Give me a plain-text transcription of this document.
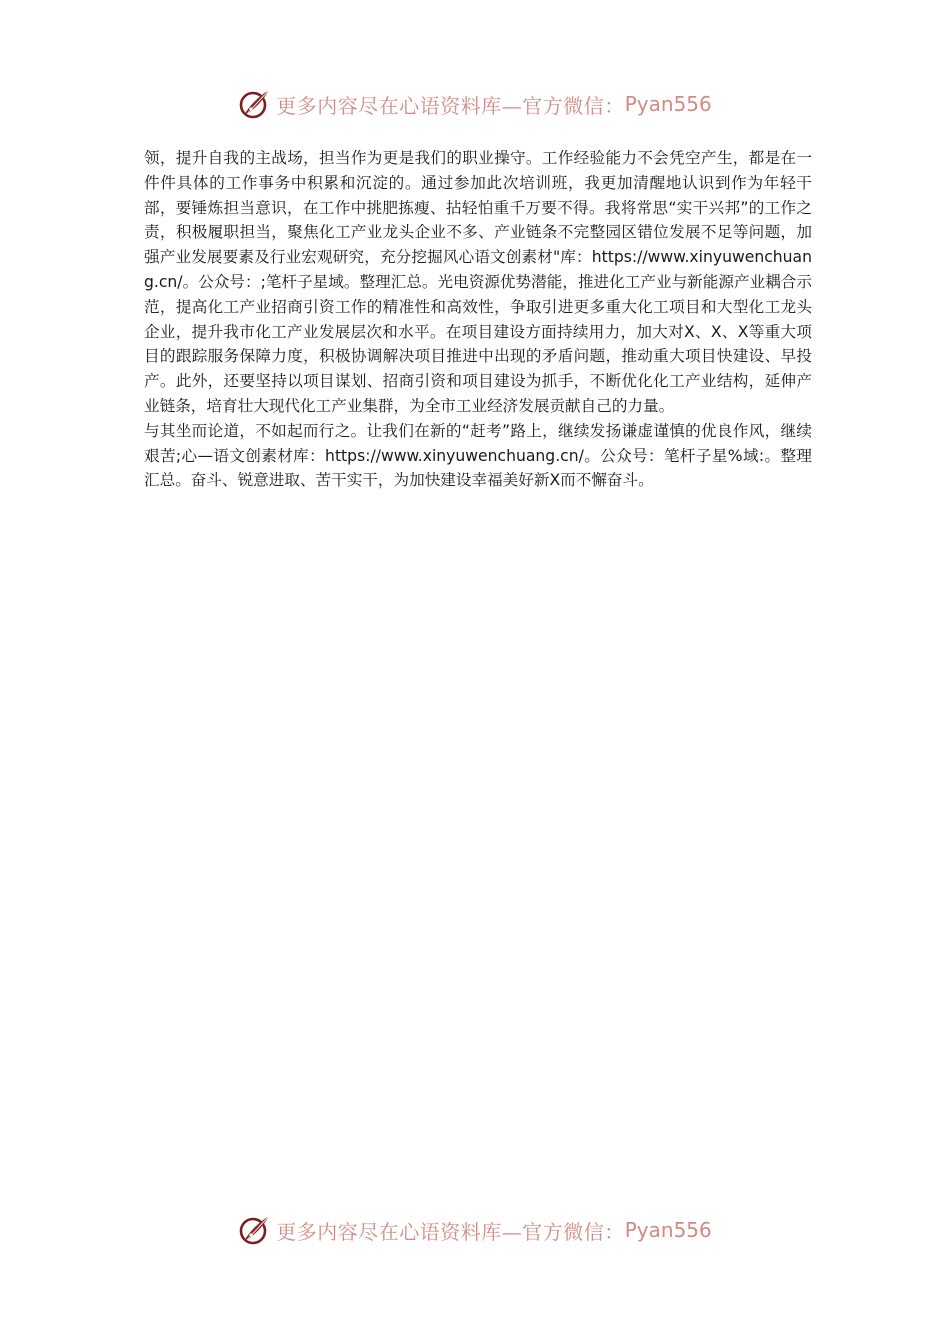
更多内容尽在心语资料库—官方微信： Pyan556

领，提升自我的主战场，担当作为更是我们的职业操守。工作经验能力不会凭空产生，都是在一件件具体的工作事务中积累和沉淀的。通过参加此次培训班，我更加清醒地认识到作为年轻干部，要锤炼担当意识，在工作中挑肥拣瘦、拈轻怕重千万要不得。我将常思“实干兴邦”的工作之责，积极履职担当，聚焦化工产业龙头企业不多、产业链条不完整园区错位发展不足等问题，加强产业发展要素及行业宏观研究，充分挖掘风心语文创素材"库：https://www.xinyuwenchuang.cn/。公众号：;笔杆子星域。整理汇总。光电资源优势潜能，推进化工产业与新能源产业耦合示范，提高化工产业招商引资工作的精准性和高效性，争取引进更多重大化工项目和大型化工龙头企业，提升我市化工产业发展层次和水平。在项目建设方面持续用力，加大对X、X、X等重大项目的跟踪服务保障力度，积极协调解决项目推进中出现的矛盾问题，推动重大项目快建设、早投产。此外，还要坚持以项目谋划、招商引资和项目建设为抓手，不断优化化工产业结构，延伸产业链条，培育壮大现代化工产业集群，为全市工业经济发展贡献自己的力量。

与其坐而论道，不如起而行之。让我们在新的“赶考”路上，继续发扬谦虚谨慎的优良作风，继续艰苦;心—语文创素材库：https://www.xinyuwenchuang.cn/。公众号：笔杆子星%域:。整理汇总。奋斗、锐意进取、苦干实干，为加快建设幸福美好新X而不懈奋斗。

更多内容尽在心语资料库—官方微信： Pyan556
